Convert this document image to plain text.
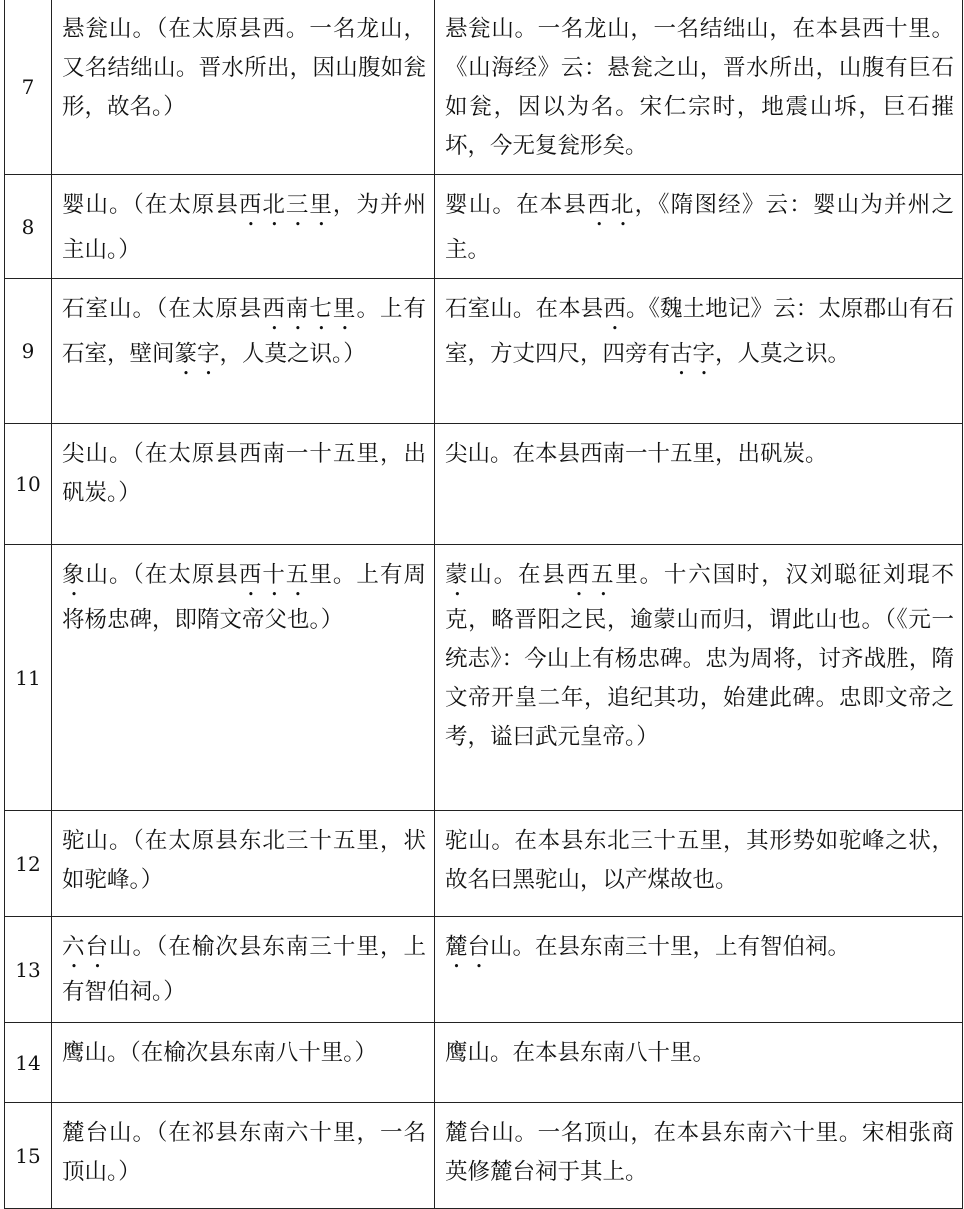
7	悬瓮山。（在太原县西。一名龙山，又名结绌山。晋水所出，因山腹如瓮形，故名。）	悬瓮山。一名龙山，一名结绌山，在本县西十里。《山海经》云：悬瓮之山，晋水所出，山腹有巨石如瓮，因以为名。宋仁宗时，地震山坼，巨石摧坏，今无复瓮形矣。

8	婴山。（在太原县西北三里，为并州主山。）	婴山。在本县西北，《隋图经》云：婴山为并州之主。

9	石室山。（在太原县西南七里。上有石室，壁间篆字，人莫之识。）	石室山。在本县西。《魏土地记》云：太原郡山有石室，方丈四尺，四旁有古字，人莫之识。

10	尖山。（在太原县西南一十五里，出矾炭。）	尖山。在本县西南一十五里，出矾炭。

11	象山。（在太原县西十五里。上有周将杨忠碑，即隋文帝父也。）	蒙山。在县西五里。十六国时，汉刘聪征刘琨不克，略晋阳之民，逾蒙山而归，谓此山也。（《元一统志》：今山上有杨忠碑。忠为周将，讨齐战胜，隋文帝开皇二年，追纪其功，始建此碑。忠即文帝之考，谥曰武元皇帝。）

12	驼山。（在太原县东北三十五里，状如驼峰。）	驼山。在本县东北三十五里，其形势如驼峰之状，故名曰黑驼山，以产煤故也。

13	六台山。（在榆次县东南三十里，上有智伯祠。）	麓台山。在县东南三十里，上有智伯祠。

14	鹰山。（在榆次县东南八十里。）	鹰山。在本县东南八十里。

15	麓台山。（在祁县东南六十里，一名顶山。）	麓台山。一名顶山，在本县东南六十里。宋相张商英修麓台祠于其上。
